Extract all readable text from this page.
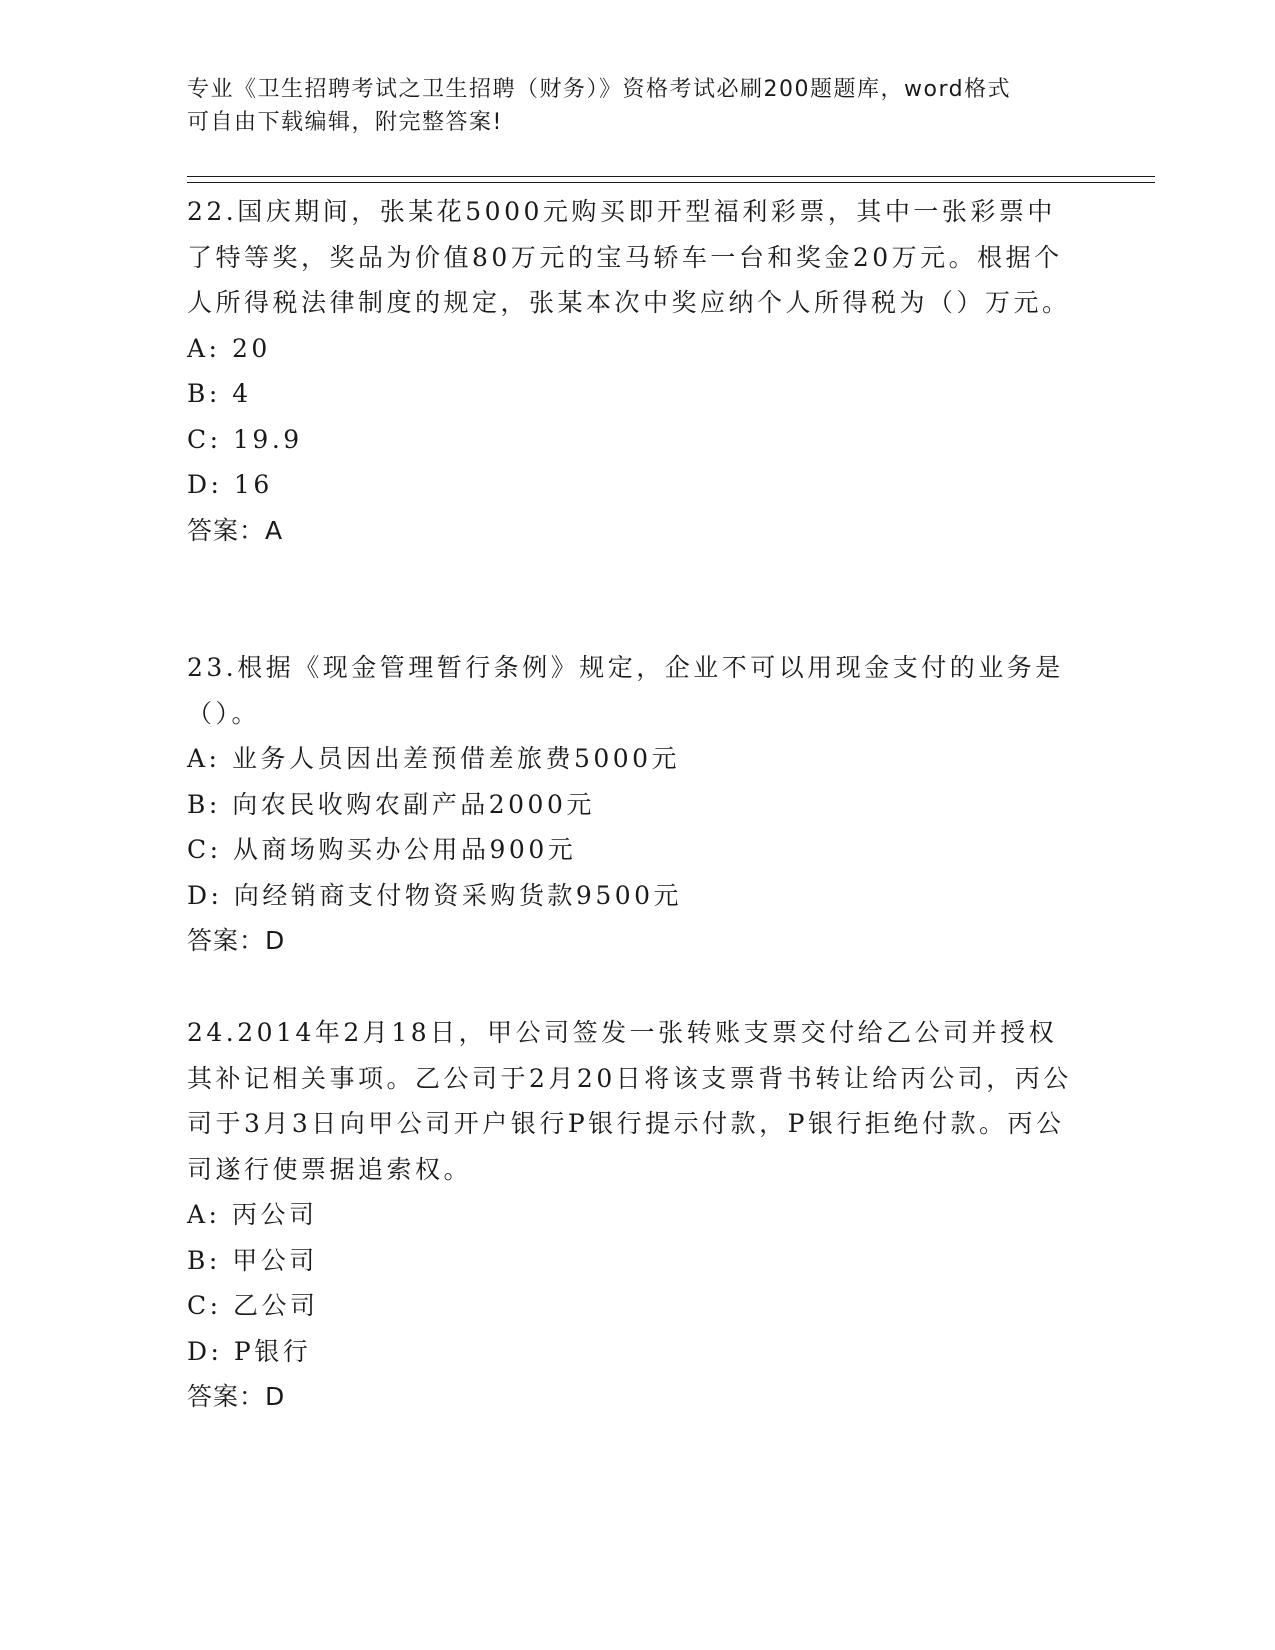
专业《卫生招聘考试之卫生招聘（财务）》资格考试必刷200题题库，word格式
可自由下载编辑，附完整答案!

22.国庆期间，张某花5000元购买即开型福利彩票，其中一张彩票中了特等奖，奖品为价值80万元的宝马轿车一台和奖金20万元。根据个人所得税法律制度的规定，张某本次中奖应纳个人所得税为（）万元。

A: 20

B: 4

C: 19.9

D: 16

答案：A

23.根据《现金管理暂行条例》规定，企业不可以用现金支付的业务是（）。

A: 业务人员因出差预借差旅费5000元

B: 向农民收购农副产品2000元

C: 从商场购买办公用品900元

D: 向经销商支付物资采购货款9500元

答案：D

24.2014年2月18日，甲公司签发一张转账支票交付给乙公司并授权其补记相关事项。乙公司于2月20日将该支票背书转让给丙公司，丙公司于3月3日向甲公司开户银行P银行提示付款，P银行拒绝付款。丙公司遂行使票据追索权。

A: 丙公司

B: 甲公司

C: 乙公司

D: P银行

答案：D
